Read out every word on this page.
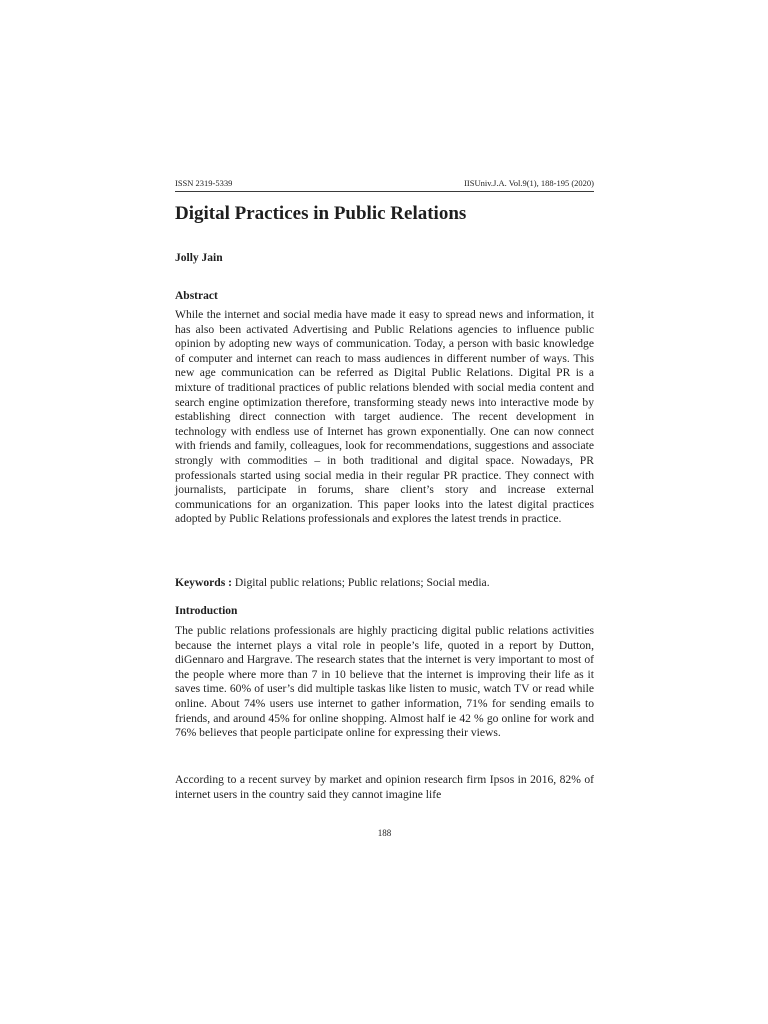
ISSN 2319-5339	IISUniv.J.A. Vol.9(1), 188-195 (2020)
Digital Practices in Public Relations
Jolly Jain
Abstract

While the internet and social media have made it easy to spread news and information, it has also been activated Advertising and Public Relations agencies to influence public opinion by adopting new ways of communication. Today, a person with basic knowledge of computer and internet can reach to mass audiences in different number of ways. This new age communication can be referred as Digital Public Relations. Digital PR is a mixture of traditional practices of public relations blended with social media content and search engine optimization therefore, transforming steady news into interactive mode by establishing direct connection with target audience. The recent development in technology with endless use of Internet has grown exponentially. One can now connect with friends and family, colleagues, look for recommendations, suggestions and associate strongly with commodities – in both traditional and digital space. Nowadays, PR professionals started using social media in their regular PR practice. They connect with journalists, participate in forums, share client’s story and increase external communications for an organization. This paper looks into the latest digital practices adopted by Public Relations professionals and explores the latest trends in practice.

Keywords : Digital public relations; Public relations; Social media.

Introduction

The public relations professionals are highly practicing digital public relations activities because the internet plays a vital role in people’s life, quoted in a report by Dutton, diGennaro and Hargrave. The research states that the internet is very important to most of the people where more than 7 in 10 believe that the internet is improving their life as it saves time. 60% of user’s did multiple taskas like listen to music, watch TV or read while online. About 74% users use internet to gather information, 71% for sending emails to friends, and around 45% for online shopping. Almost half ie 42 % go online for work and 76% believes that people participate online for expressing their views.

According to a recent survey by market and opinion research firm Ipsos in 2016, 82% of internet users in the country said they cannot imagine life

188
